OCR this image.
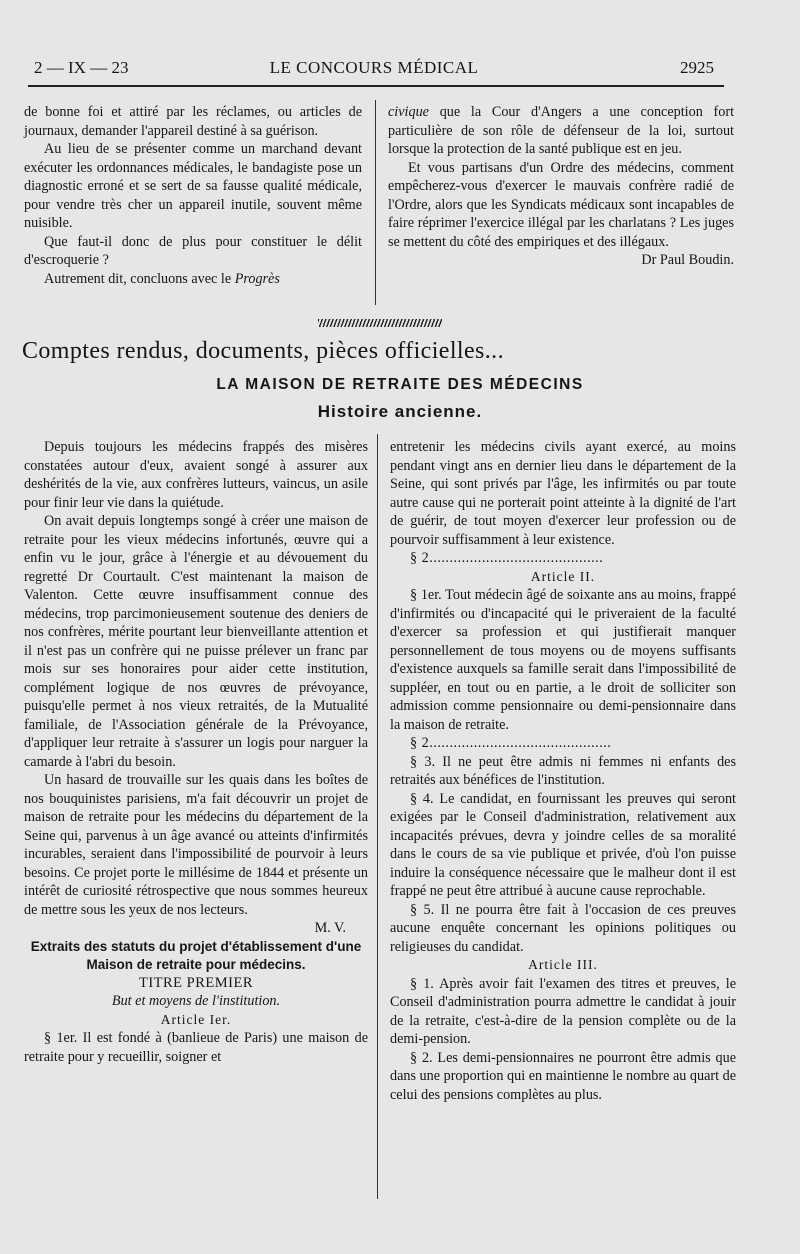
2 — IX — 23	LE CONCOURS MÉDICAL	2925

de bonne foi et attiré par les réclames, ou articles de journaux, demander l'appareil destiné à sa guérison.

Au lieu de se présenter comme un marchand devant exécuter les ordonnances médicales, le bandagiste pose un diagnostic erroné et se sert de sa fausse qualité médicale, pour vendre très cher un appareil inutile, souvent même nuisible.

Que faut-il donc de plus pour constituer le délit d'escroquerie ?

Autrement dit, concluons avec le Progrès

civique que la Cour d'Angers a une conception fort particulière de son rôle de défenseur de la loi, surtout lorsque la protection de la santé publique est en jeu.

Et vous partisans d'un Ordre des médecins, comment empêcherez-vous d'exercer le mauvais confrère radié de l'Ordre, alors que les Syndicats médicaux sont incapables de faire réprimer l'exercice illégal par les charlatans ? Les juges se mettent du côté des empiriques et des illégaux.

Dr Paul Boudin.

Comptes rendus, documents, pièces officielles...
LA MAISON DE RETRAITE DES MÉDECINS
Histoire ancienne.

Depuis toujours les médecins frappés des misères constatées autour d'eux, avaient songé à assurer aux deshérités de la vie, aux confrères lutteurs, vaincus, un asile pour finir leur vie dans la quiétude.

On avait depuis longtemps songé à créer une maison de retraite pour les vieux médecins infortunés, œuvre qui a enfin vu le jour, grâce à l'énergie et au dévouement du regretté Dr Courtault. C'est maintenant la maison de Valenton. Cette œuvre insuffisamment connue des médecins, trop parcimonieusement soutenue des deniers de nos confrères, mérite pourtant leur bienveillante attention et il n'est pas un confrère qui ne puisse prélever un franc par mois sur ses honoraires pour aider cette institution, complément logique de nos œuvres de prévoyance, puisqu'elle permet à nos vieux retraités, de la Mutualité familiale, de l'Association générale de la Prévoyance, d'appliquer leur retraite à s'assurer un logis pour narguer la camarde à l'abri du besoin.

Un hasard de trouvaille sur les quais dans les boîtes de nos bouquinistes parisiens, m'a fait découvrir un projet de maison de retraite pour les médecins du département de la Seine qui, parvenus à un âge avancé ou atteints d'infirmités incurables, seraient dans l'impossibilité de pourvoir à leurs besoins. Ce projet porte le millésime de 1844 et présente un intérêt de curiosité rétrospective que nous sommes heureux de mettre sous les yeux de nos lecteurs.

M. V.

Extraits des statuts du projet d'établissement d'une Maison de retraite pour médecins.

TITRE PREMIER

But et moyens de l'institution.

Article Ier.

§ 1er. Il est fondé à (banlieue de Paris) une maison de retraite pour y recueillir, soigner et

entretenir les médecins civils ayant exercé, au moins pendant vingt ans en dernier lieu dans le département de la Seine, qui sont privés par l'âge, les infirmités ou par toute autre cause qui ne porterait point atteinte à la dignité de l'art de guérir, de tout moyen d'exercer leur profession ou de pourvoir suffisamment à leur existence.

§ 2...........................................

Article II.

§ 1er. Tout médecin âgé de soixante ans au moins, frappé d'infirmités ou d'incapacité qui le priveraient de la faculté d'exercer sa profession et qui justifierait manquer personnellement de tous moyens ou de moyens suffisants d'existence auxquels sa famille serait dans l'impossibilité de suppléer, en tout ou en partie, a le droit de solliciter son admission comme pensionnaire ou demi-pensionnaire dans la maison de retraite.

§ 2.............................................

§ 3. Il ne peut être admis ni femmes ni enfants des retraités aux bénéfices de l'institution.

§ 4. Le candidat, en fournissant les preuves qui seront exigées par le Conseil d'administration, relativement aux incapacités prévues, devra y joindre celles de sa moralité dans le cours de sa vie publique et privée, d'où l'on puisse induire la conséquence nécessaire que le malheur dont il est frappé ne peut être attribué à aucune cause reprochable.

§ 5. Il ne pourra être fait à l'occasion de ces preuves aucune enquête concernant les opinions politiques ou religieuses du candidat.

Article III.

§ 1. Après avoir fait l'examen des titres et preuves, le Conseil d'administration pourra admettre le candidat à jouir de la retraite, c'est-à-dire de la pension complète ou de la demi-pension.

§ 2. Les demi-pensionnaires ne pourront être admis que dans une proportion qui en maintienne le nombre au quart de celui des pensions complètes au plus.
